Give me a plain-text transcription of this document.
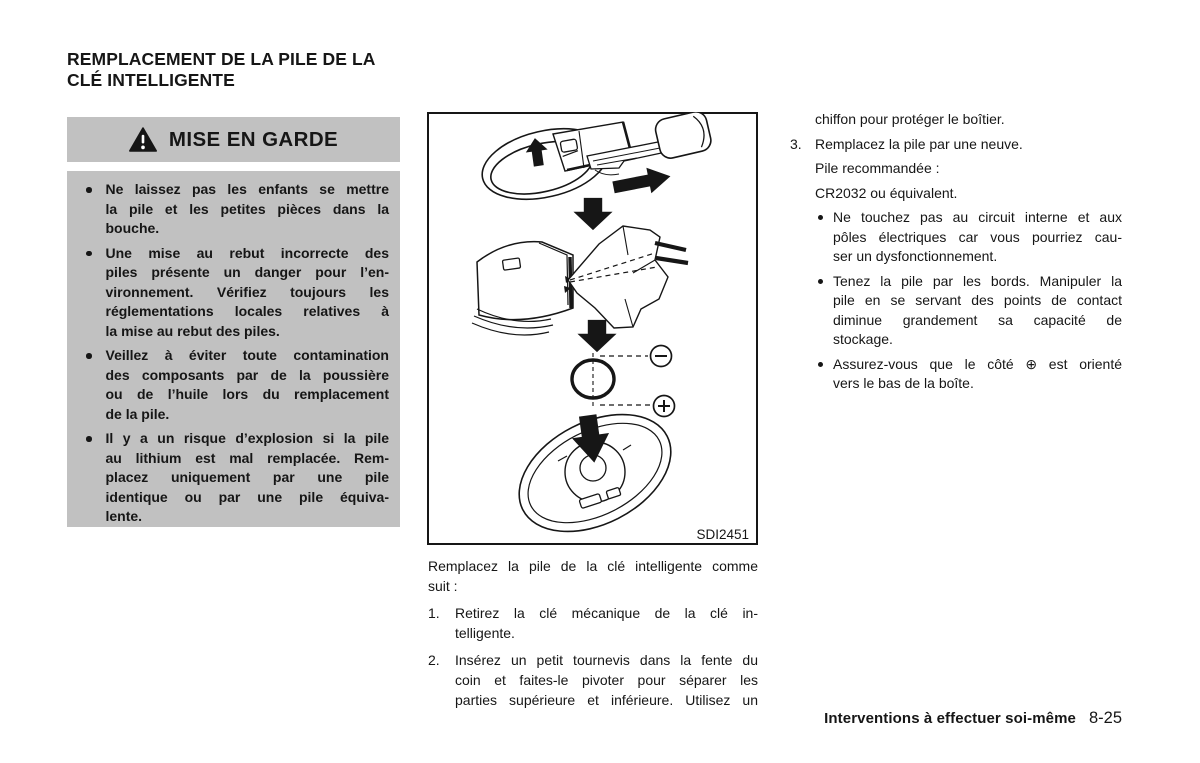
REMPLACEMENT DE LA PILE DE LA
CLÉ INTELLIGENTE
MISE EN GARDE
Ne laissez pas les enfants se mettre
la pile et les petites pièces dans la
bouche.
Une mise au rebut incorrecte des
piles présente un danger pour l’en-
vironnement. Vérifiez toujours les
réglementations locales relatives à
la mise au rebut des piles.
Veillez à éviter toute contamination
des composants par de la poussière
ou de l’huile lors du remplacement
de la pile.
Il y a un risque d’explosion si la pile
au lithium est mal remplacée. Rem-
placez uniquement par une pile
identique ou par une pile équiva-
lente.
SDI2451
Remplacez la pile de la clé intelligente comme
suit :
1.	Retirez la clé mécanique de la clé in-
telligente.
2.	Insérez un petit tournevis dans la fente du
coin et faites-le pivoter pour séparer les
parties supérieure et inférieure. Utilisez un
chiffon pour protéger le boîtier.
3. Remplacez la pile par une neuve.
Pile recommandée :
CR2032 ou équivalent.
Ne touchez pas au circuit interne et aux
pôles électriques car vous pourriez cau-
ser un dysfonctionnement.
Tenez la pile par les bords. Manipuler la
pile en se servant des points de contact
diminue grandement sa capacité de
stockage.
Assurez-vous que le côté ⊕ est orienté
vers le bas de la boîte.
Interventions à effectuer soi-même 8-25
